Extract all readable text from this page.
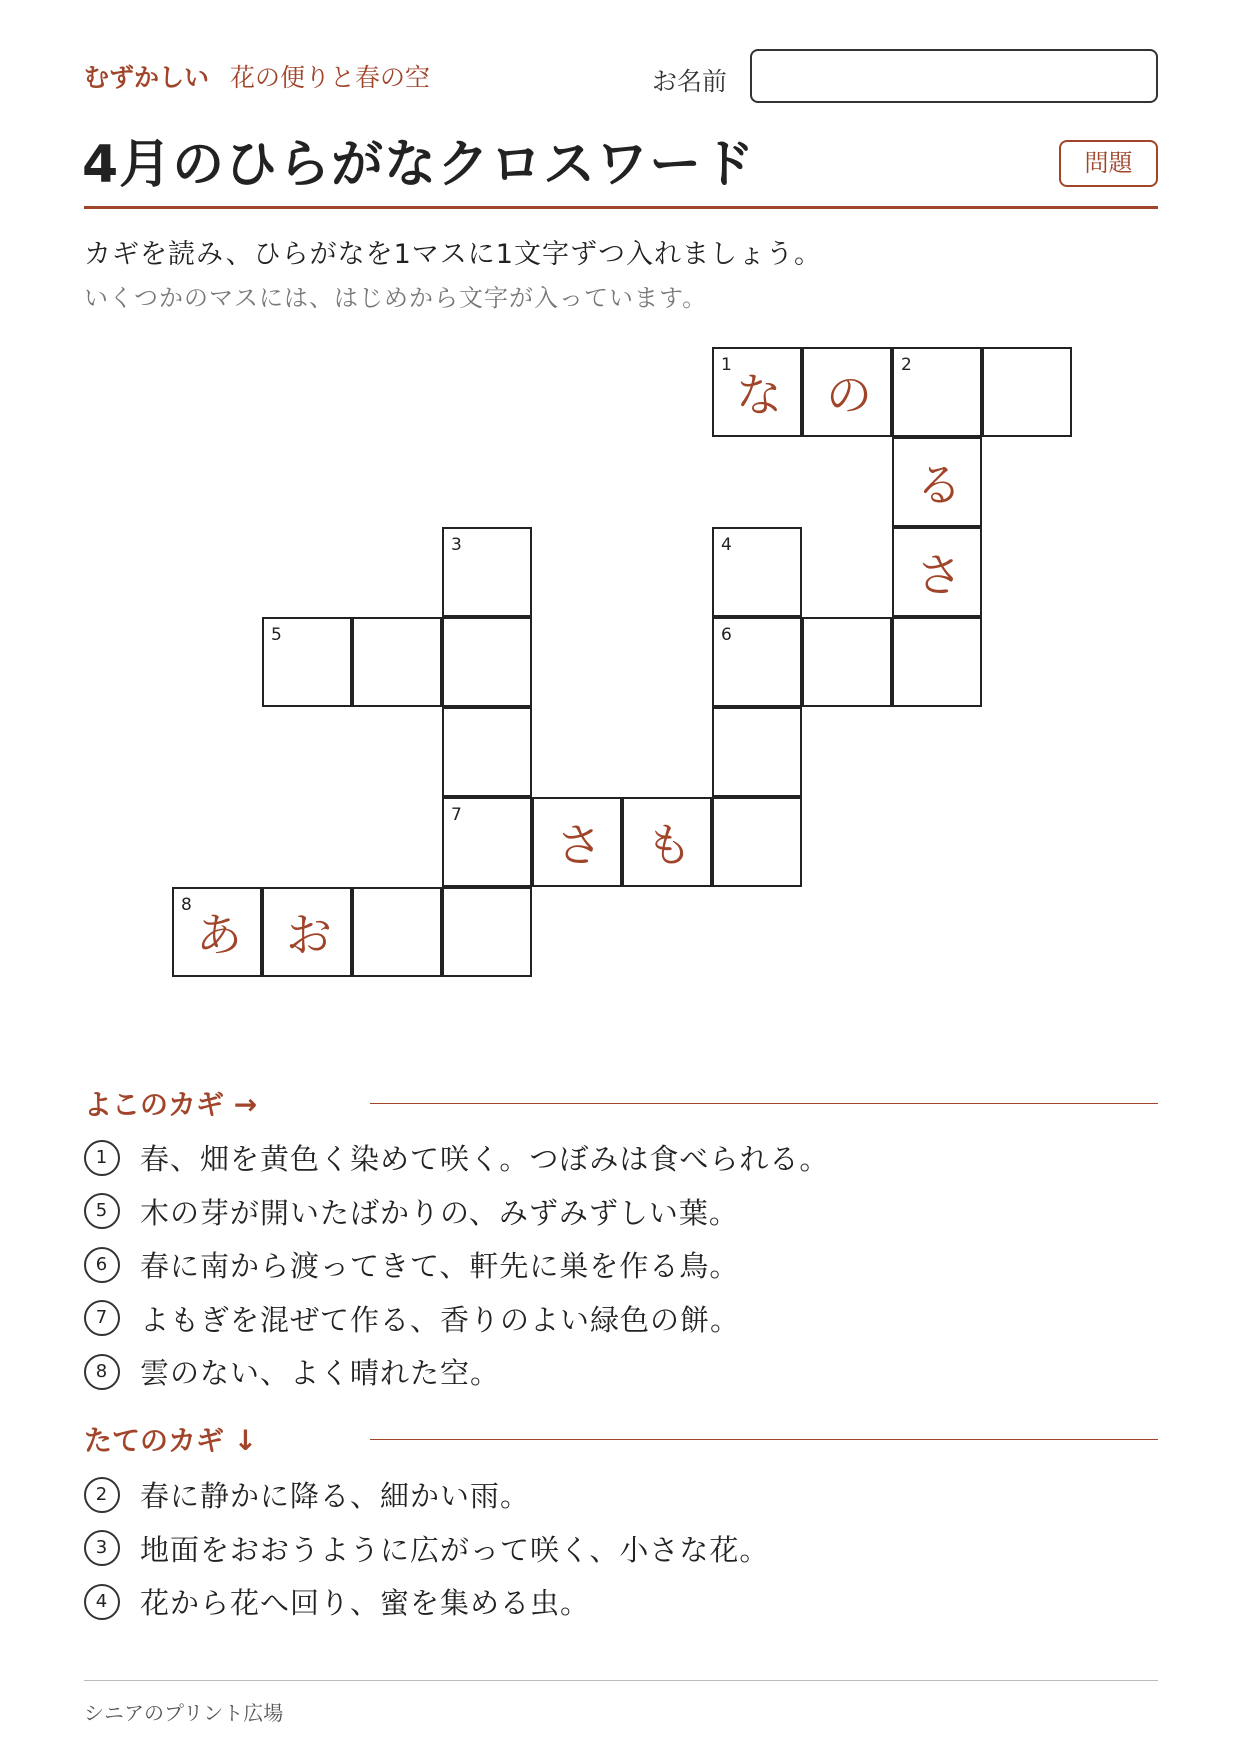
むずかしい 花の便りと春の空	お名前
4月のひらがなクロスワード	問題
カギを読み、ひらがなを1マスに1文字ずつ入れましょう。
いくつかのマスには、はじめから文字が入っています。
1
な の
2
る
3	4
さ
5	6
7
さ も
8
あ お
よこのカギ →
1	春、畑を黄色く染めて咲く。つぼみは食べられる。
5	木の芽が開いたばかりの、みずみずしい葉。
6	春に南から渡ってきて、軒先に巣を作る鳥。
7	よもぎを混ぜて作る、香りのよい緑色の餅。
8	雲のない、よく晴れた空。
たてのカギ ↓
2	春に静かに降る、細かい雨。
3	地面をおおうように広がって咲く、小さな花。
4	花から花へ回り、蜜を集める虫。
シニアのプリント広場
